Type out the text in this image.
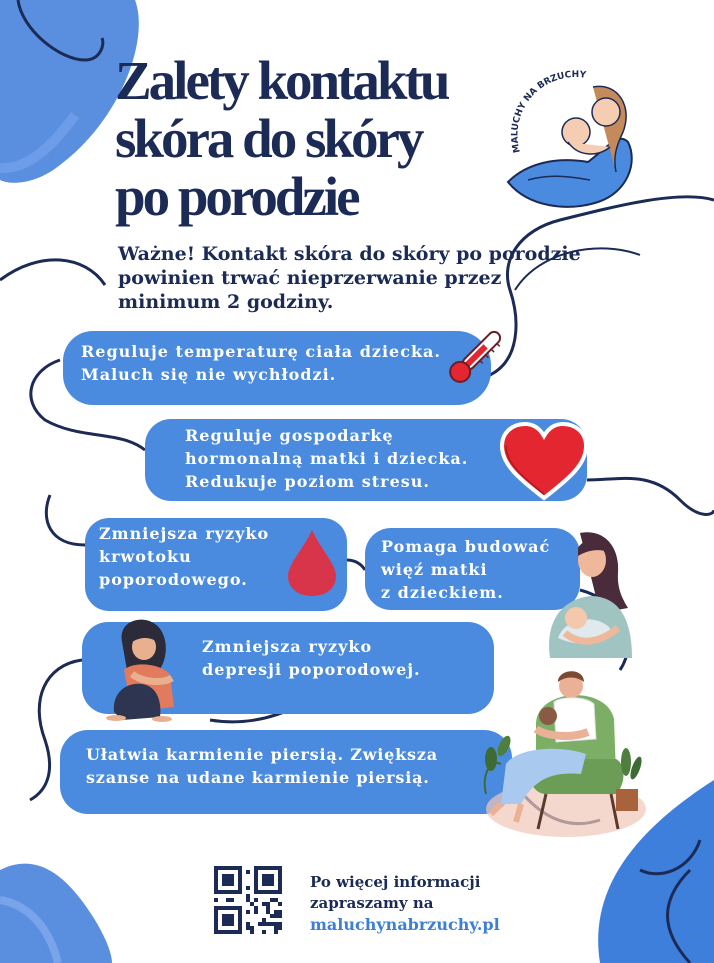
Zalety kontaktu
skóra do skóry
po porodzie
MALUCHY NA BRZUCHY

Ważne! Kontakt skóra do skóry po porodzie
powinien trwać nieprzerwanie przez
minimum 2 godziny.

Reguluje temperaturę ciała dziecka.
Maluch się nie wychłodzi.
Reguluje gospodarkę
hormonalną matki i dziecka.
Redukuje poziom stresu.
Zmniejsza ryzyko
krwotoku
poporodowego.
Pomaga budować
więź matki
z dzieckiem.
Zmniejsza ryzyko
depresji poporodowej.
Ułatwia karmienie piersią. Zwiększa
szanse na udane karmienie piersią.

Po więcej informacji
zapraszamy na
maluchynabrzuchy.pl
